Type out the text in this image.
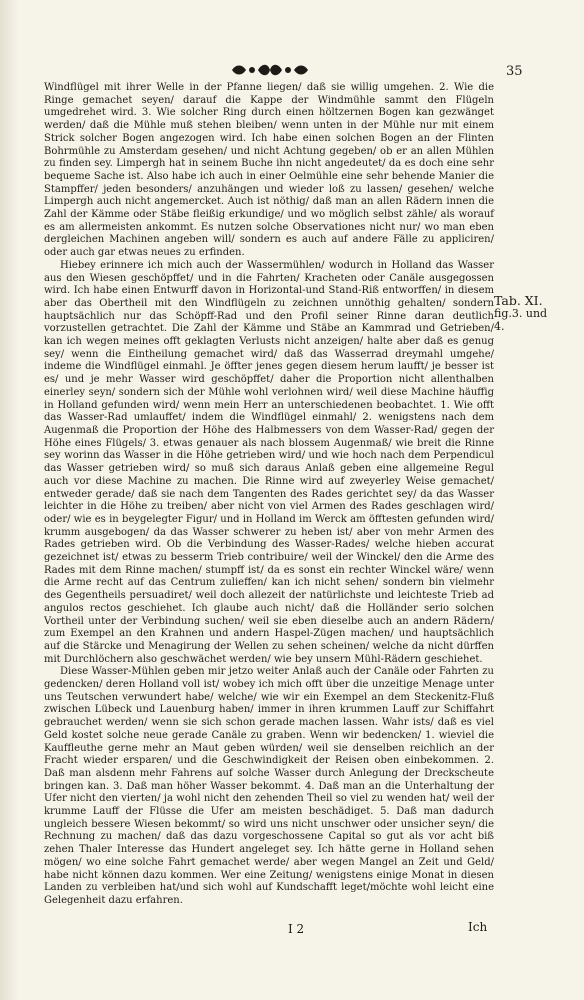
35

Windflügel mit ihrer Welle in der Pfanne liegen/ daß sie willig umgehen. 2. Wie die Ringe gemachet seyen/ darauf die Kappe der Windmühle sammt den Flügeln umgedrehet wird. 3. Wie solcher Ring durch einen höltzernen Bogen kan gezwänget werden/ daß die Mühle muß stehen bleiben/ wenn unten in der Mühle nur mit einem Strick solcher Bogen angezogen wird. Ich habe einen solchen Bogen an der Flinten Bohrmühle zu Amsterdam gesehen/ und nicht Achtung gegeben/ ob er an allen Mühlen zu finden sey. Limpergh hat in seinem Buche ihn nicht angedeutet/ da es doch eine sehr bequeme Sache ist. Also habe ich auch in einer Oelmühle eine sehr behende Manier die Stampffer/ jeden besonders/ anzuhängen und wieder loß zu lassen/ gesehen/ welche Limpergh auch nicht angemercket. Auch ist nöthig/ daß man an allen Rädern innen die Zahl der Kämme oder Stäbe fleißig erkundige/ und wo möglich selbst zähle/ als worauf es am allermeisten ankommt. Es nutzen solche Observationes nicht nur/ wo man eben dergleichen Machinen angeben will/ sondern es auch auf andere Fälle zu appliciren/ oder auch gar etwas neues zu erfinden.

Hiebey erinnere ich mich auch der Wassermühlen/ wodurch in Holland das Wasser aus den Wiesen geschöpffet/ und in die Fahrten/ Kracheten oder Canäle ausgegossen wird. Ich habe einen Entwurff davon in Horizontal-und Stand-Riß entworffen/ in diesem aber das Obertheil mit den Windflügeln zu zeichnen unnöthig gehalten/ sondern hauptsächlich nur das Schöpff-Rad und den Profil seiner Rinne daran deutlich vorzustellen getrachtet. Die Zahl der Kämme und Stäbe an Kammrad und Getrieben/ kan ich wegen meines offt geklagten Verlusts nicht anzeigen/ halte aber daß es genug sey/ wenn die Eintheilung gemachet wird/ daß das Wasserrad dreymahl umgehe/ indeme die Windflügel einmahl. Je öffter jenes gegen diesem herum laufft/ je besser ist es/ und je mehr Wasser wird geschöpffet/ daher die Proportion nicht allenthalben einerley seyn/ sondern sich der Mühle wohl verlohnen wird/ weil diese Machine häuffig in Holland gefunden wird/ wenn mein Herr an unterschiedenen beobachtet. 1. Wie offt das Wasser-Rad umlauffet/ indem die Windflügel einmahl/ 2. wenigstens nach dem Augenmaß die Proportion der Höhe des Halbmessers von dem Wasser-Rad/ gegen der Höhe eines Flügels/ 3. etwas genauer als nach blossem Augenmaß/ wie breit die Rinne sey worinn das Wasser in die Höhe getrieben wird/ und wie hoch nach dem Perpendicul das Wasser getrieben wird/ so muß sich daraus Anlaß geben eine allgemeine Regul auch vor diese Machine zu machen. Die Rinne wird auf zweyerley Weise gemachet/ entweder gerade/ daß sie nach dem Tangenten des Rades gerichtet sey/ da das Wasser leichter in die Höhe zu treiben/ aber nicht von viel Armen des Rades geschlagen wird/ oder/ wie es in beygelegter Figur/ und in Holland im Werck am öfftesten gefunden wird/ krumm ausgebogen/ da das Wasser schwerer zu heben ist/ aber von mehr Armen des Rades getrieben wird. Ob die Verbindung des Wasser-Rades/ welche hieben accurat gezeichnet ist/ etwas zu besserm Trieb contribuire/ weil der Winckel/ den die Arme des Rades mit dem Rinne machen/ stumpff ist/ da es sonst ein rechter Winckel wäre/ wenn die Arme recht auf das Centrum zulieffen/ kan ich nicht sehen/ sondern bin vielmehr des Gegentheils persuadiret/ weil doch allezeit der natürlichste und leichteste Trieb ad angulos rectos geschiehet. Ich glaube auch nicht/ daß die Holländer serio solchen Vortheil unter der Verbindung suchen/ weil sie eben dieselbe auch an andern Rädern/ zum Exempel an den Krahnen und andern Haspel-Zügen machen/ und hauptsächlich auf die Stärcke und Menagirung der Wellen zu sehen scheinen/ welche da nicht dürffen mit Durchlöchern also geschwächet werden/ wie bey unsern Mühl-Rädern geschiehet.

Diese Wasser-Mühlen geben mir jetzo weiter Anlaß auch der Canäle oder Fahrten zu gedencken/ deren Holland voll ist/ wobey ich mich offt über die unzeitige Menage unter uns Teutschen verwundert habe/ welche/ wie wir ein Exempel an dem Steckenitz-Fluß zwischen Lübeck und Lauenburg haben/ immer in ihren krummen Lauff zur Schiffahrt gebrauchet werden/ wenn sie sich schon gerade machen lassen. Wahr ists/ daß es viel Geld kostet solche neue gerade Canäle zu graben. Wenn wir bedencken/ 1. wieviel die Kauffleuthe gerne mehr an Maut geben würden/ weil sie denselben reichlich an der Fracht wieder ersparen/ und die Geschwindigkeit der Reisen oben einbekommen. 2. Daß man alsdenn mehr Fahrens auf solche Wasser durch Anlegung der Dreckscheute bringen kan. 3. Daß man höher Wasser bekommt. 4. Daß man an die Unterhaltung der Ufer nicht den vierten/ ja wohl nicht den zehenden Theil so viel zu wenden hat/ weil der krumme Lauff der Flüsse die Ufer am meisten beschädiget. 5. Daß man dadurch ungleich bessere Wiesen bekommt/ so wird uns nicht unschwer oder unsicher seyn/ die Rechnung zu machen/ daß das dazu vorgeschossene Capital so gut als vor acht biß zehen Thaler Interesse das Hundert angeleget sey. Ich hätte gerne in Holland sehen mögen/ wo eine solche Fahrt gemachet werde/ aber wegen Mangel an Zeit und Geld/ habe nicht können dazu kommen. Wer eine Zeitung/ wenigstens einige Monat in diesen Landen zu verbleiben hat/und sich wohl auf Kundschafft leget/möchte wohl leicht eine Gelegenheit dazu erfahren.

Tab. XI.
fig.3. und
4.
I 2	Ich
